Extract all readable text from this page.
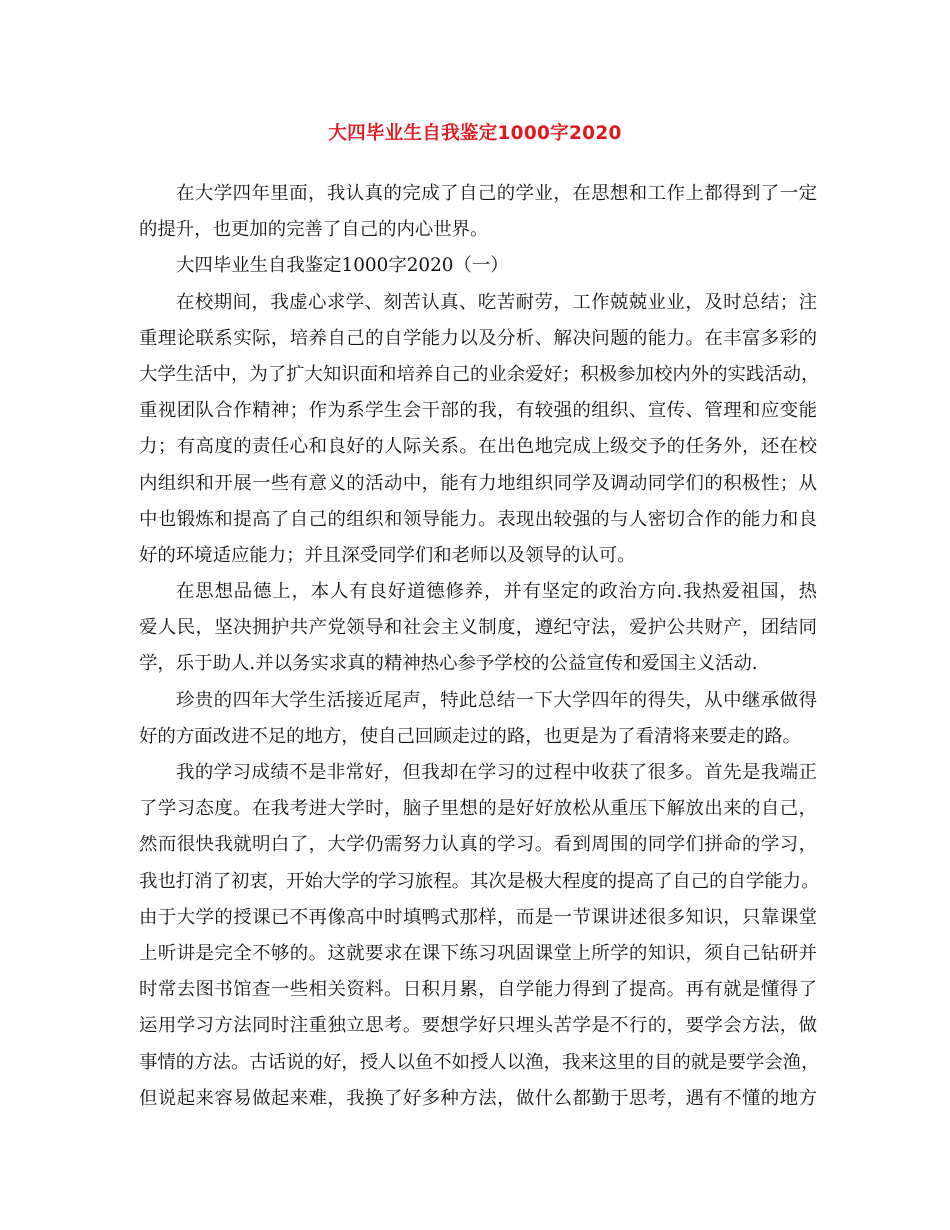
大四毕业生自我鉴定1000字2020
在大学四年里面，我认真的完成了自己的学业，在思想和工作上都得到了一定
的提升，也更加的完善了自己的内心世界。
大四毕业生自我鉴定1000字2020（一）
在校期间，我虚心求学、刻苦认真、吃苦耐劳，工作兢兢业业，及时总结；注
重理论联系实际，培养自己的自学能力以及分析、解决问题的能力。在丰富多彩的
大学生活中，为了扩大知识面和培养自己的业余爱好；积极参加校内外的实践活动，
重视团队合作精神；作为系学生会干部的我，有较强的组织、宣传、管理和应变能
力；有高度的责任心和良好的人际关系。在出色地完成上级交予的任务外，还在校
内组织和开展一些有意义的活动中，能有力地组织同学及调动同学们的积极性；从
中也锻炼和提高了自己的组织和领导能力。表现出较强的与人密切合作的能力和良
好的环境适应能力；并且深受同学们和老师以及领导的认可。
在思想品德上，本人有良好道德修养，并有坚定的政治方向.我热爱祖国，热
爱人民，坚决拥护共产党领导和社会主义制度，遵纪守法，爱护公共财产，团结同
学，乐于助人.并以务实求真的精神热心参予学校的公益宣传和爱国主义活动.
珍贵的四年大学生活接近尾声，特此总结一下大学四年的得失，从中继承做得
好的方面改进不足的地方，使自己回顾走过的路，也更是为了看清将来要走的路。
我的学习成绩不是非常好，但我却在学习的过程中收获了很多。首先是我端正
了学习态度。在我考进大学时，脑子里想的是好好放松从重压下解放出来的自己，
然而很快我就明白了，大学仍需努力认真的学习。看到周围的同学们拼命的学习，
我也打消了初衷，开始大学的学习旅程。其次是极大程度的提高了自己的自学能力。
由于大学的授课已不再像高中时填鸭式那样，而是一节课讲述很多知识，只靠课堂
上听讲是完全不够的。这就要求在课下练习巩固课堂上所学的知识，须自己钻研并
时常去图书馆查一些相关资料。日积月累，自学能力得到了提高。再有就是懂得了
运用学习方法同时注重独立思考。要想学好只埋头苦学是不行的，要学会方法，做
事情的方法。古话说的好，授人以鱼不如授人以渔，我来这里的目的就是要学会渔，
但说起来容易做起来难，我换了好多种方法，做什么都勤于思考，遇有不懂的地方
